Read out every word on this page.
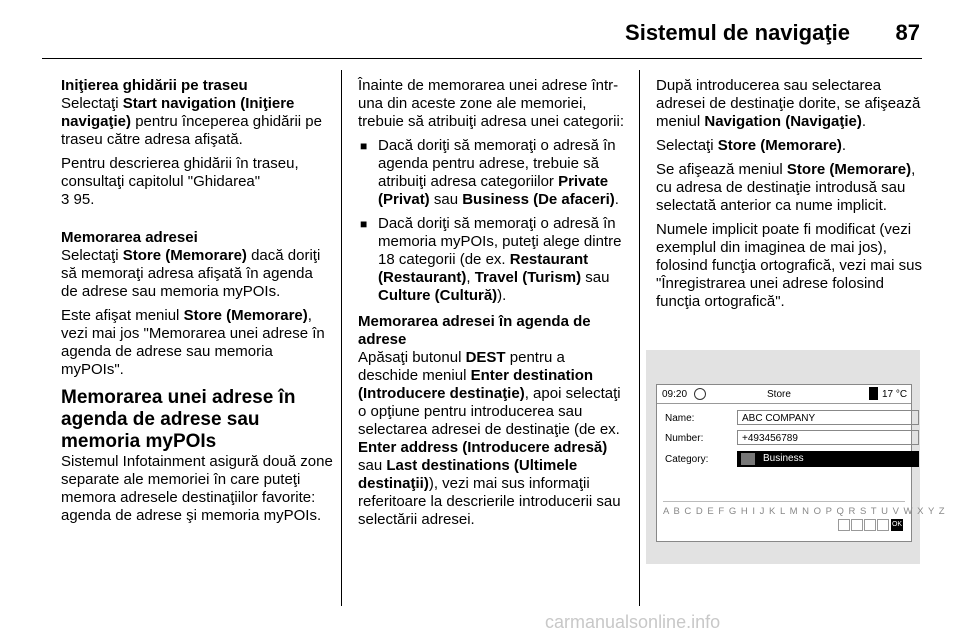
Sistemul de navigaţie 87
Iniţierea ghidării pe traseu

Selectaţi Start navigation (Iniţiere navigaţie) pentru începerea ghidării pe traseu către adresa afişată.

Pentru descrierea ghidării în traseu, consultaţi capitolul "Ghidarea"
3 95.

Memorarea adresei

Selectaţi Store (Memorare) dacă doriţi să memoraţi adresa afişată în agenda de adrese sau memoria myPOIs.

Este afişat meniul Store (Memorare), vezi mai jos "Memorarea unei adrese în agenda de adrese sau memoria myPOIs".

Memorarea unei adrese în agenda de adrese sau memoria myPOIs

Sistemul Infotainment asigură două zone separate ale memoriei în care puteţi memora adresele destinaţiilor favorite: agenda de adrese şi memoria myPOIs.

Înainte de memorarea unei adrese într-una din aceste zone ale memoriei, trebuie să atribuiţi adresa unei categorii:

■ Dacă doriţi să memoraţi o adresă în agenda pentru adrese, trebuie să atribuiţi adresa categoriilor Private (Privat) sau Business (De afaceri).
■ Dacă doriţi să memoraţi o adresă în memoria myPOIs, puteţi alege dintre 18 categorii (de ex. Restaurant (Restaurant), Travel (Turism) sau Culture (Cultură)).
Memorarea adresei în agenda de adrese

Apăsaţi butonul DEST pentru a deschide meniul Enter destination (Introducere destinaţie), apoi selectaţi o opţiune pentru introducerea sau selectarea adresei de destinaţie (de ex. Enter address (Introducere adresă) sau Last destinations (Ultimele destinaţii)), vezi mai sus informaţii referitoare la descrierile introducerii sau selectării adresei.

După introducerea sau selectarea adresei de destinaţie dorite, se afişează meniul Navigation (Navigaţie).

Selectaţi Store (Memorare).

Se afişează meniul Store (Memorare), cu adresa de destinaţie introdusă sau selectată anterior ca nume implicit.

Numele implicit poate fi modificat (vezi exemplul din imaginea de mai jos), folosind funcţia ortografică, vezi mai sus "Înregistrarea unei adrese folosind funcţia ortografică".

09:20	Store	17 °C
Name:	ABC COMPANY
Number:	+493456789
Category:	Business
A B C D E F G H I J K L M N O P Q R S T U V W X Y Z
OK
carmanualsonline.info
